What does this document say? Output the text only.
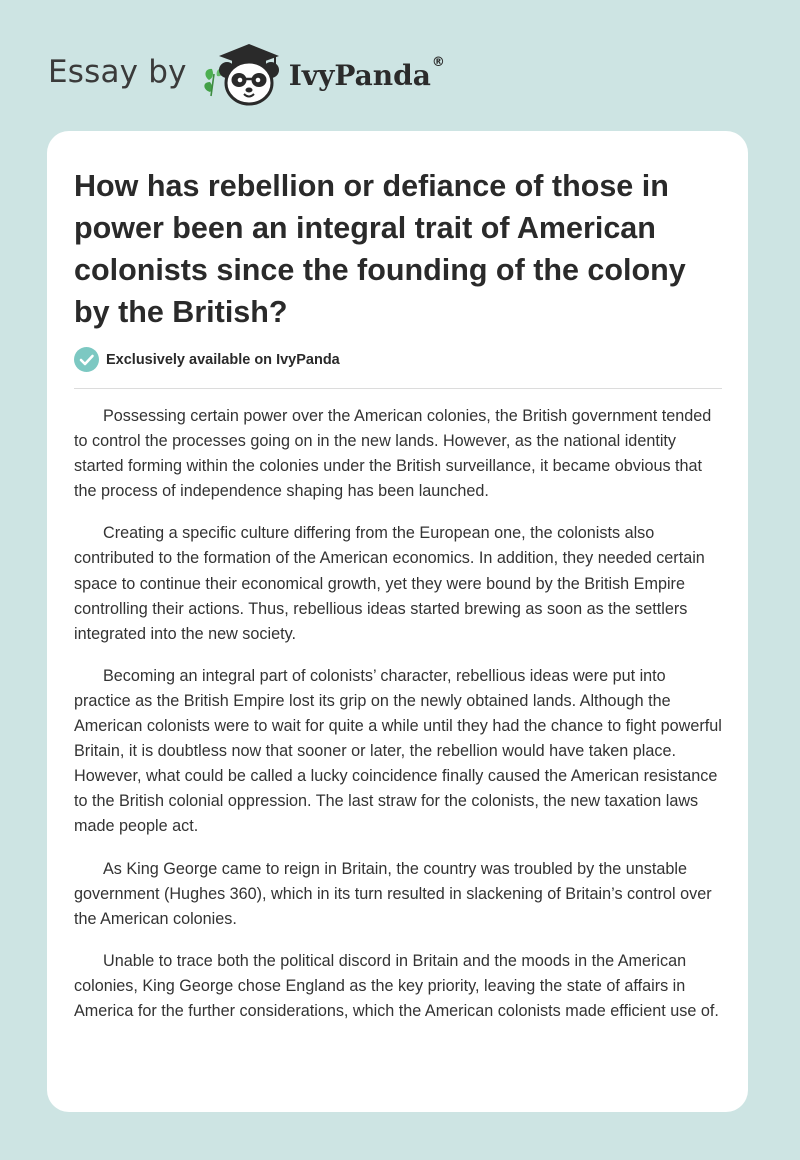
Essay by	IvyPanda®
How has rebellion or defiance of those in power been an integral trait of American colonists since the founding of the colony by the British?
Exclusively available on IvyPanda

Possessing certain power over the American colonies, the British government tended to control the processes going on in the new lands. However, as the national identity started forming within the colonies under the British surveillance, it became obvious that the process of independence shaping has been launched.

Creating a specific culture differing from the European one, the colonists also contributed to the formation of the American economics. In addition, they needed certain space to continue their economical growth, yet they were bound by the British Empire controlling their actions. Thus, rebellious ideas started brewing as soon as the settlers integrated into the new society.

Becoming an integral part of colonists’ character, rebellious ideas were put into practice as the British Empire lost its grip on the newly obtained lands. Although the American colonists were to wait for quite a while until they had the chance to fight powerful Britain, it is doubtless now that sooner or later, the rebellion would have taken place. However, what could be called a lucky coincidence finally caused the American resistance to the British colonial oppression. The last straw for the colonists, the new taxation laws made people act.

As King George came to reign in Britain, the country was troubled by the unstable government (Hughes 360), which in its turn resulted in slackening of Britain’s control over the American colonies.

Unable to trace both the political discord in Britain and the moods in the American colonies, King George chose England as the key priority, leaving the state of affairs in America for the further considerations, which the American colonists made efficient use of.
